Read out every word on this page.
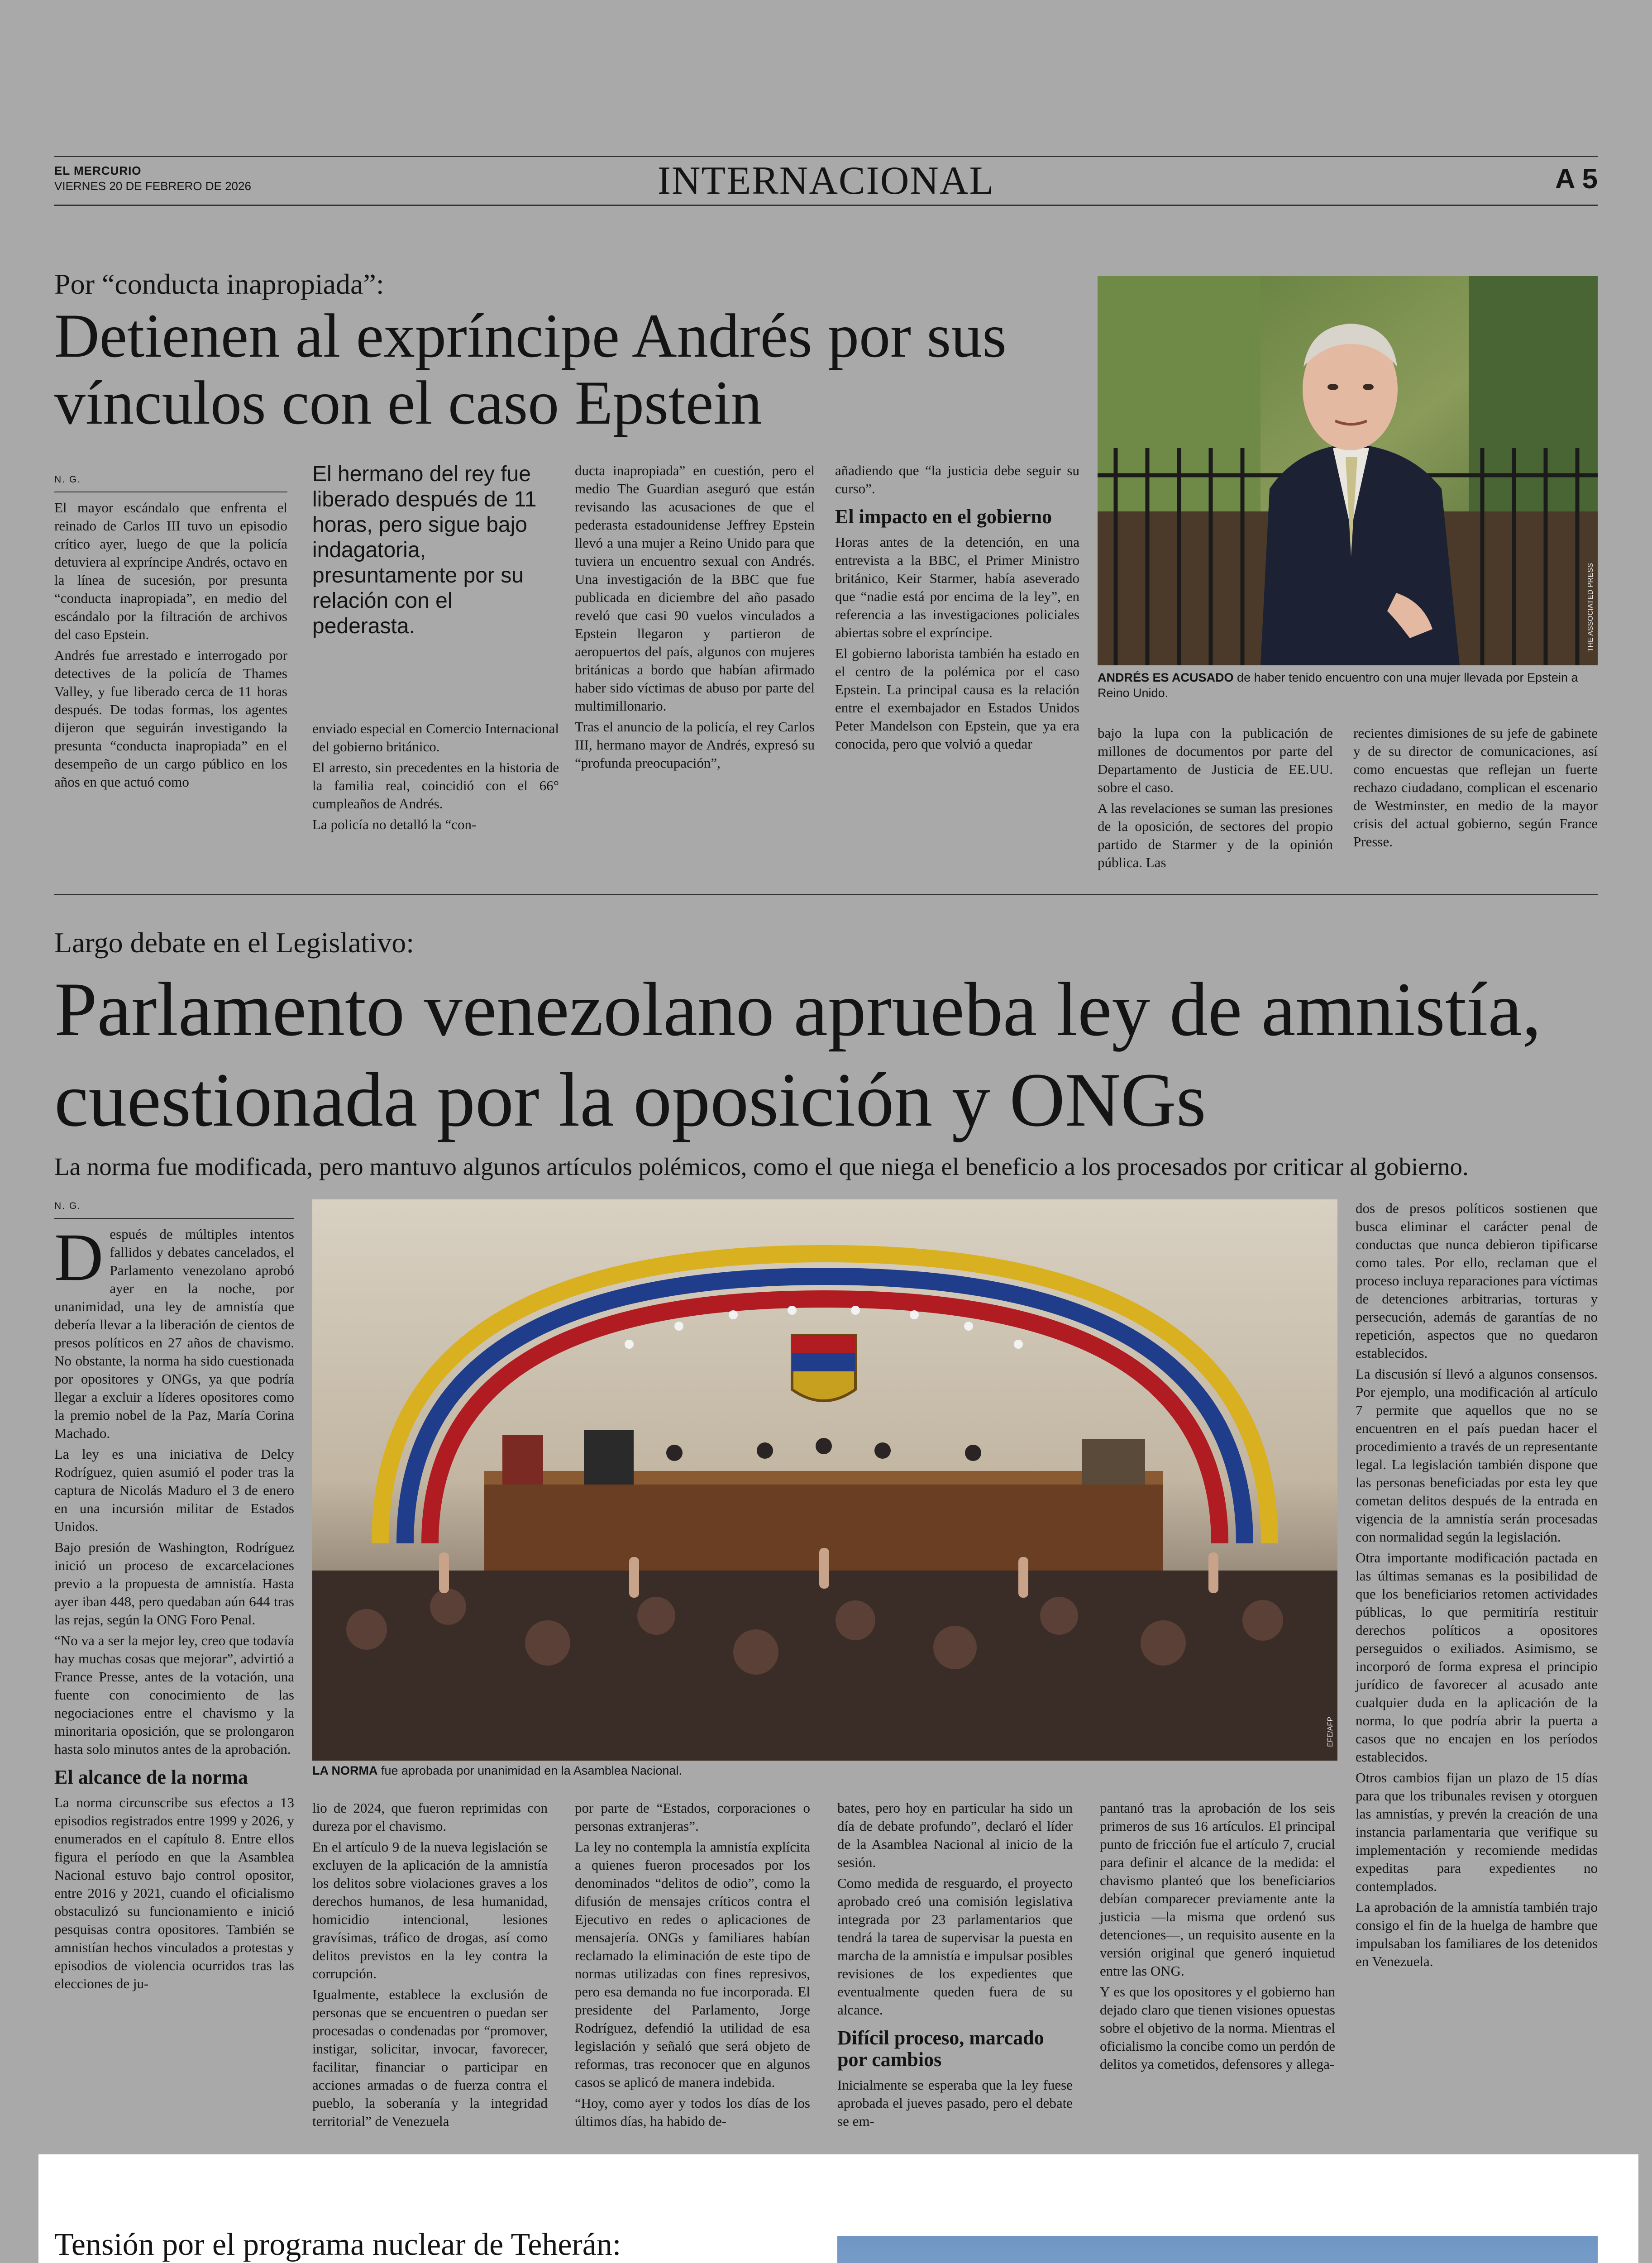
EL MERCURIO
VIERNES 20 DE FEBRERO DE 2026	INTERNACIONAL	A 5
Por “conducta inapropiada”:
Detienen al expríncipe Andrés por sus vínculos con el caso Epstein
N. G.

El mayor escándalo que enfrenta el reinado de Carlos III tuvo un episodio crítico ayer, luego de que la policía detuviera al expríncipe Andrés, octavo en la línea de sucesión, por presunta “conducta inapropiada”, en medio del escándalo por la filtración de archivos del caso Epstein.

Andrés fue arrestado e interrogado por detectives de la policía de Thames Valley, y fue liberado cerca de 11 horas después. De todas formas, los agentes dijeron que seguirán investigando la presunta “conducta inapropiada” en el desempeño de un cargo público en los años en que actuó como

El hermano del rey fue liberado después de 11 horas, pero sigue bajo indagatoria, presuntamente por su relación con el pederasta.

enviado especial en Comercio Internacional del gobierno británico.

El arresto, sin precedentes en la historia de la familia real, coincidió con el 66° cumpleaños de Andrés.

La policía no detalló la “con-

ducta inapropiada” en cuestión, pero el medio The Guardian aseguró que están revisando las acusaciones de que el pederasta estadounidense Jeffrey Epstein llevó a una mujer a Reino Unido para que tuviera un encuentro sexual con Andrés. Una investigación de la BBC que fue publicada en diciembre del año pasado reveló que casi 90 vuelos vinculados a Epstein llegaron y partieron de aeropuertos del país, algunos con mujeres británicas a bordo que habían afirmado haber sido víctimas de abuso por parte del multimillonario.

Tras el anuncio de la policía, el rey Carlos III, hermano mayor de Andrés, expresó su “profunda preocupación”,

añadiendo que “la justicia debe seguir su curso”.

El impacto en el gobierno

Horas antes de la detención, en una entrevista a la BBC, el Primer Ministro británico, Keir Starmer, había aseverado que “nadie está por encima de la ley”, en referencia a las investigaciones policiales abiertas sobre el expríncipe.

El gobierno laborista también ha estado en el centro de la polémica por el caso Epstein. La principal causa es la relación entre el exembajador en Estados Unidos Peter Mandelson con Epstein, que ya era conocida, pero que volvió a quedar

THE ASSOCIATED PRESS
ANDRÉS ES ACUSADO de haber tenido encuentro con una mujer llevada por Epstein a Reino Unido.

bajo la lupa con la publicación de millones de documentos por parte del Departamento de Justicia de EE.UU. sobre el caso.

A las revelaciones se suman las presiones de la oposición, de sectores del propio partido de Starmer y de la opinión pública. Las

recientes dimisiones de su jefe de gabinete y de su director de comunicaciones, así como encuestas que reflejan un fuerte rechazo ciudadano, complican el escenario de Westminster, en medio de la mayor crisis del actual gobierno, según France Presse.

Largo debate en el Legislativo:
Parlamento venezolano aprueba ley de amnistía, cuestionada por la oposición y ONGs
La norma fue modificada, pero mantuvo algunos artículos polémicos, como el que niega el beneficio a los procesados por criticar al gobierno.
N. G.

Después de múltiples intentos fallidos y debates cancelados, el Parlamento venezolano aprobó ayer en la noche, por unanimidad, una ley de amnistía que debería llevar a la liberación de cientos de presos políticos en 27 años de chavismo. No obstante, la norma ha sido cuestionada por opositores y ONGs, ya que podría llegar a excluir a líderes opositores como la premio nobel de la Paz, María Corina Machado.

La ley es una iniciativa de Delcy Rodríguez, quien asumió el poder tras la captura de Nicolás Maduro el 3 de enero en una incursión militar de Estados Unidos.

Bajo presión de Washington, Rodríguez inició un proceso de excarcelaciones previo a la propuesta de amnistía. Hasta ayer iban 448, pero quedaban aún 644 tras las rejas, según la ONG Foro Penal.

“No va a ser la mejor ley, creo que todavía hay muchas cosas que mejorar”, advirtió a France Presse, antes de la votación, una fuente con conocimiento de las negociaciones entre el chavismo y la minoritaria oposición, que se prolongaron hasta solo minutos antes de la aprobación.

El alcance de la norma

La norma circunscribe sus efectos a 13 episodios registrados entre 1999 y 2026, y enumerados en el capítulo 8. Entre ellos figura el período en que la Asamblea Nacional estuvo bajo control opositor, entre 2016 y 2021, cuando el oficialismo obstaculizó su funcionamiento e inició pesquisas contra opositores. También se amnistían hechos vinculados a protestas y episodios de violencia ocurridos tras las elecciones de ju-

EFE/AFP
LA NORMA fue aprobada por unanimidad en la Asamblea Nacional.

lio de 2024, que fueron reprimidas con dureza por el chavismo.

En el artículo 9 de la nueva legislación se excluyen de la aplicación de la amnistía los delitos sobre violaciones graves a los derechos humanos, de lesa humanidad, homicidio intencional, lesiones gravísimas, tráfico de drogas, así como delitos previstos en la ley contra la corrupción.

Igualmente, establece la exclusión de personas que se encuentren o puedan ser procesadas o condenadas por “promover, instigar, solicitar, invocar, favorecer, facilitar, financiar o participar en acciones armadas o de fuerza contra el pueblo, la soberanía y la integridad territorial” de Venezuela

por parte de “Estados, corporaciones o personas extranjeras”.

La ley no contempla la amnistía explícita a quienes fueron procesados por los denominados “delitos de odio”, como la difusión de mensajes críticos contra el Ejecutivo en redes o aplicaciones de mensajería. ONGs y familiares habían reclamado la eliminación de este tipo de normas utilizadas con fines represivos, pero esa demanda no fue incorporada. El presidente del Parlamento, Jorge Rodríguez, defendió la utilidad de esa legislación y señaló que será objeto de reformas, tras reconocer que en algunos casos se aplicó de manera indebida.

“Hoy, como ayer y todos los días de los últimos días, ha habido de-

bates, pero hoy en particular ha sido un día de debate profundo”, declaró el líder de la Asamblea Nacional al inicio de la sesión.

Como medida de resguardo, el proyecto aprobado creó una comisión legislativa integrada por 23 parlamentarios que tendrá la tarea de supervisar la puesta en marcha de la amnistía e impulsar posibles revisiones de los expedientes que eventualmente queden fuera de su alcance.

Difícil proceso, marcado por cambios

Inicialmente se esperaba que la ley fuese aprobada el jueves pasado, pero el debate se em-

pantanó tras la aprobación de los seis primeros de sus 16 artículos. El principal punto de fricción fue el artículo 7, crucial para definir el alcance de la medida: el chavismo planteó que los beneficiarios debían comparecer previamente ante la justicia —la misma que ordenó sus detenciones—, un requisito ausente en la versión original que generó inquietud entre las ONG.

Y es que los opositores y el gobierno han dejado claro que tienen visiones opuestas sobre el objetivo de la norma. Mientras el oficialismo la concibe como un perdón de delitos ya cometidos, defensores y allega-

dos de presos políticos sostienen que busca eliminar el carácter penal de conductas que nunca debieron tipificarse como tales. Por ello, reclaman que el proceso incluya reparaciones para víctimas de detenciones arbitrarias, torturas y persecución, además de garantías de no repetición, aspectos que no quedaron establecidos.

La discusión sí llevó a algunos consensos. Por ejemplo, una modificación al artículo 7 permite que aquellos que no se encuentren en el país puedan hacer el procedimiento a través de un representante legal. La legislación también dispone que las personas beneficiadas por esta ley que cometan delitos después de la entrada en vigencia de la amnistía serán procesadas con normalidad según la legislación.

Otra importante modificación pactada en las últimas semanas es la posibilidad de que los beneficiarios retomen actividades públicas, lo que permitiría restituir derechos políticos a opositores perseguidos o exiliados. Asimismo, se incorporó de forma expresa el principio jurídico de favorecer al acusado ante cualquier duda en la aplicación de la norma, lo que podría abrir la puerta a casos que no encajen en los períodos establecidos.

Otros cambios fijan un plazo de 15 días para que los tribunales revisen y otorguen las amnistías, y prevén la creación de una instancia parlamentaria que verifique su implementación y recomiende medidas expeditas para expedientes no contemplados.

La aprobación de la amnistía también trajo consigo el fin de la huelga de hambre que impulsaban los familiares de los detenidos en Venezuela.

Tensión por el programa nuclear de Teherán:
